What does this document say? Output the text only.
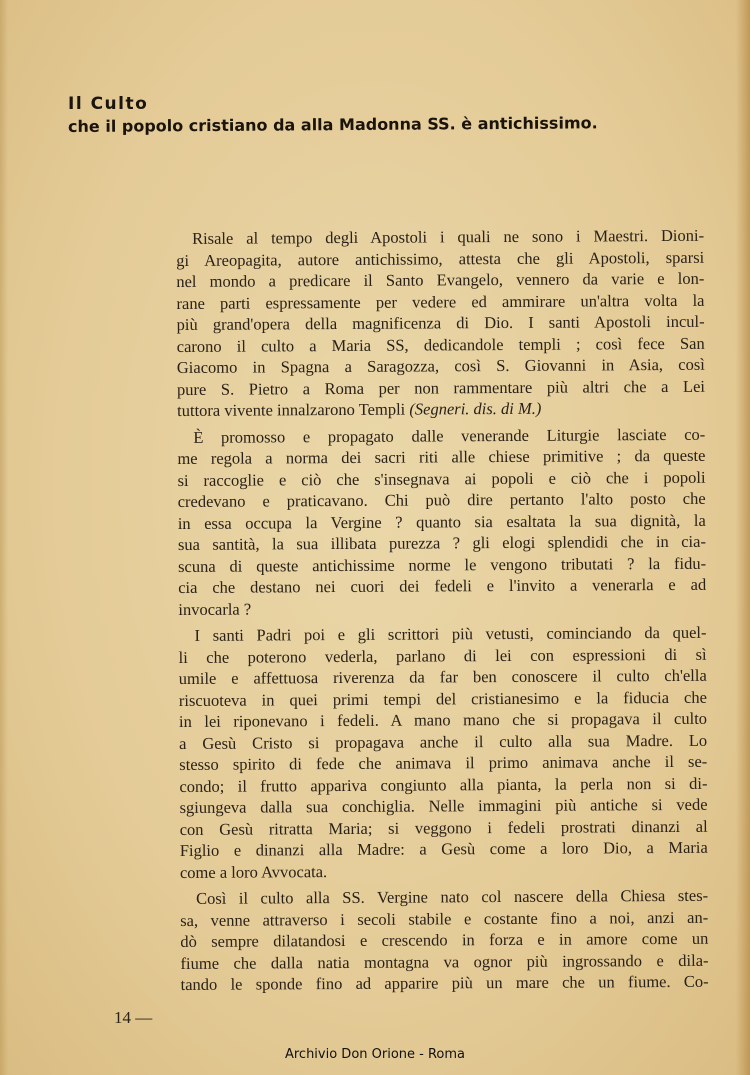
Il Culto

che il popolo cristiano da alla Madonna SS. è antichissimo.

Risale al tempo degli Apostoli i quali ne sono i Maestri. Dioni-
gi Areopagita, autore antichissimo, attesta che gli Apostoli, sparsi
nel mondo a predicare il Santo Evangelo, vennero da varie e lon-
rane parti espressamente per vedere ed ammirare un'altra volta la
più grand'opera della magnificenza di Dio. I santi Apostoli incul-
carono il culto a Maria SS, dedicandole templi ; così fece San
Giacomo in Spagna a Saragozza, così S. Giovanni in Asia, così
pure S. Pietro a Roma per non rammentare più altri che a Lei
tuttora vivente innalzarono Templi (Segneri. dis. di M.)

È promosso e propagato dalle venerande Liturgie lasciate co-
me regola a norma dei sacri riti alle chiese primitive ; da queste
si raccoglie e ciò che s'insegnava ai popoli e ciò che i popoli
credevano e praticavano. Chi può dire pertanto l'alto posto che
in essa occupa la Vergine ? quanto sia esaltata la sua dignità, la
sua santità, la sua illibata purezza ? gli elogi splendidi che in cia-
scuna di queste antichissime norme le vengono tributati ? la fidu-
cia che destano nei cuori dei fedeli e l'invito a venerarla e ad
invocarla ?

I santi Padri poi e gli scrittori più vetusti, cominciando da quel-
li che poterono vederla, parlano di lei con espressioni di sì
umile e affettuosa riverenza da far ben conoscere il culto ch'ella
riscuoteva in quei primi tempi del cristianesimo e la fiducia che
in lei riponevano i fedeli. A mano mano che si propagava il culto
a Gesù Cristo si propagava anche il culto alla sua Madre. Lo
stesso spirito di fede che animava il primo animava anche il se-
condo; il frutto appariva congiunto alla pianta, la perla non si di-
sgiungeva dalla sua conchiglia. Nelle immagini più antiche si vede
con Gesù ritratta Maria; si veggono i fedeli prostrati dinanzi al
Figlio e dinanzi alla Madre: a Gesù come a loro Dio, a Maria
come a loro Avvocata.

Così il culto alla SS. Vergine nato col nascere della Chiesa stes-
sa, venne attraverso i secoli stabile e costante fino a noi, anzi an-
dò sempre dilatandosi e crescendo in forza e in amore come un
fiume che dalla natia montagna va ognor più ingrossando e dila-
tando le sponde fino ad apparire più un mare che un fiume. Co-

14 —

Archivio Don Orione - Roma
